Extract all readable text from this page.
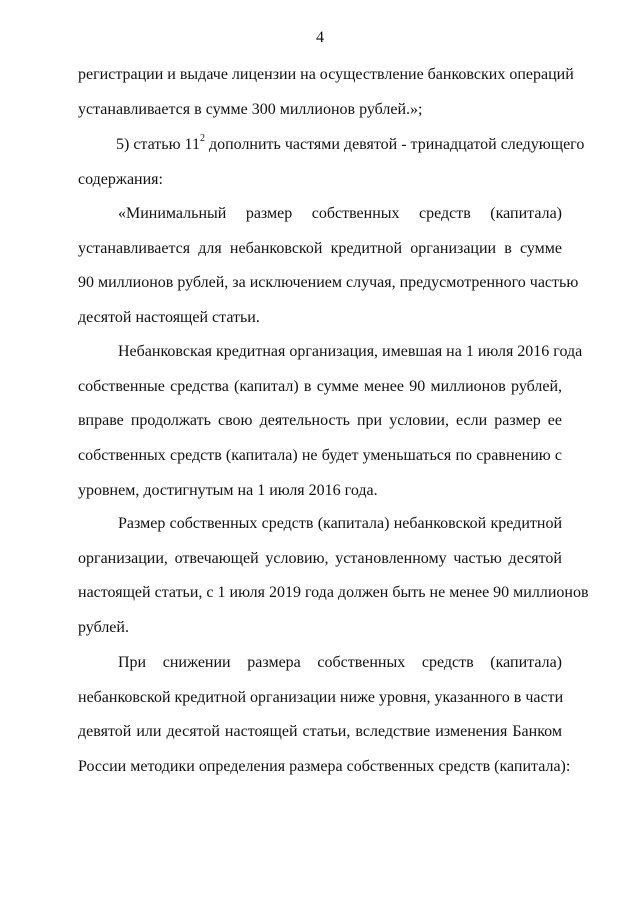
4
регистрации и выдаче лицензии на осуществление банковских операций
устанавливается в сумме 300 миллионов рублей.»;
5) статью $11^2$ дополнить частями девятой - тринадцатой следующего
содержания:
«Минимальный размер собственных средств (капитала)
устанавливается для небанковской кредитной организации в сумме
90 миллионов рублей, за исключением случая, предусмотренного частью
десятой настоящей статьи.
Небанковская кредитная организация, имевшая на 1 июля 2016 года
собственные средства (капитал) в сумме менее 90 миллионов рублей,
вправе продолжать свою деятельность при условии, если размер ее
собственных средств (капитала) не будет уменьшаться по сравнению с
уровнем, достигнутым на 1 июля 2016 года.
Размер собственных средств (капитала) небанковской кредитной
организации, отвечающей условию, установленному частью десятой
настоящей статьи, с 1 июля 2019 года должен быть не менее 90 миллионов
рублей.
При снижении размера собственных средств (капитала)
небанковской кредитной организации ниже уровня, указанного в части
девятой или десятой настоящей статьи, вследствие изменения Банком
России методики определения размера собственных средств (капитала):
